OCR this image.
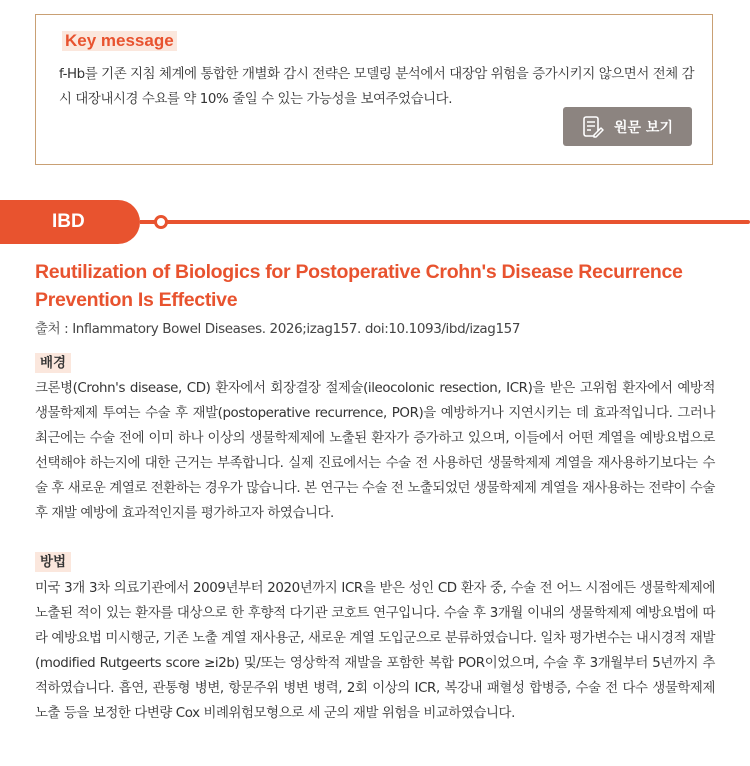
Key message
f-Hb를 기존 지침 체계에 통합한 개별화 감시 전략은 모델링 분석에서 대장암 위험을 증가시키지 않으면서 전체 감시 대장내시경 수요를 약 10% 줄일 수 있는 가능성을 보여주었습니다.
원문 보기
IBD
Reutilization of Biologics for Postoperative Crohn's Disease Recurrence Prevention Is Effective
출처 : Inflammatory Bowel Diseases. 2026;izag157. doi:10.1093/ibd/izag157
배경
크론병(Crohn's disease, CD) 환자에서 회장결장 절제술(ileocolonic resection, ICR)을 받은 고위험 환자에서 예방적 생물학제제 투여는 수술 후 재발(postoperative recurrence, POR)을 예방하거나 지연시키는 데 효과적입니다. 그러나 최근에는 수술 전에 이미 하나 이상의 생물학제제에 노출된 환자가 증가하고 있으며, 이들에서 어떤 계열을 예방요법으로 선택해야 하는지에 대한 근거는 부족합니다. 실제 진료에서는 수술 전 사용하던 생물학제제 계열을 재사용하기보다는 수술 후 새로운 계열로 전환하는 경우가 많습니다. 본 연구는 수술 전 노출되었던 생물학제제 계열을 재사용하는 전략이 수술 후 재발 예방에 효과적인지를 평가하고자 하였습니다.
방법
미국 3개 3차 의료기관에서 2009년부터 2020년까지 ICR을 받은 성인 CD 환자 중, 수술 전 어느 시점에든 생물학제제에 노출된 적이 있는 환자를 대상으로 한 후향적 다기관 코호트 연구입니다. 수술 후 3개월 이내의 생물학제제 예방요법에 따라 예방요법 미시행군, 기존 노출 계열 재사용군, 새로운 계열 도입군으로 분류하였습니다. 일차 평가변수는 내시경적 재발(modified Rutgeerts score ≥i2b) 및/또는 영상학적 재발을 포함한 복합 POR이었으며, 수술 후 3개월부터 5년까지 추적하였습니다. 흡연, 관통형 병변, 항문주위 병변 병력, 2회 이상의 ICR, 복강내 패혈성 합병증, 수술 전 다수 생물학제제 노출 등을 보정한 다변량 Cox 비례위험모형으로 세 군의 재발 위험을 비교하였습니다.
